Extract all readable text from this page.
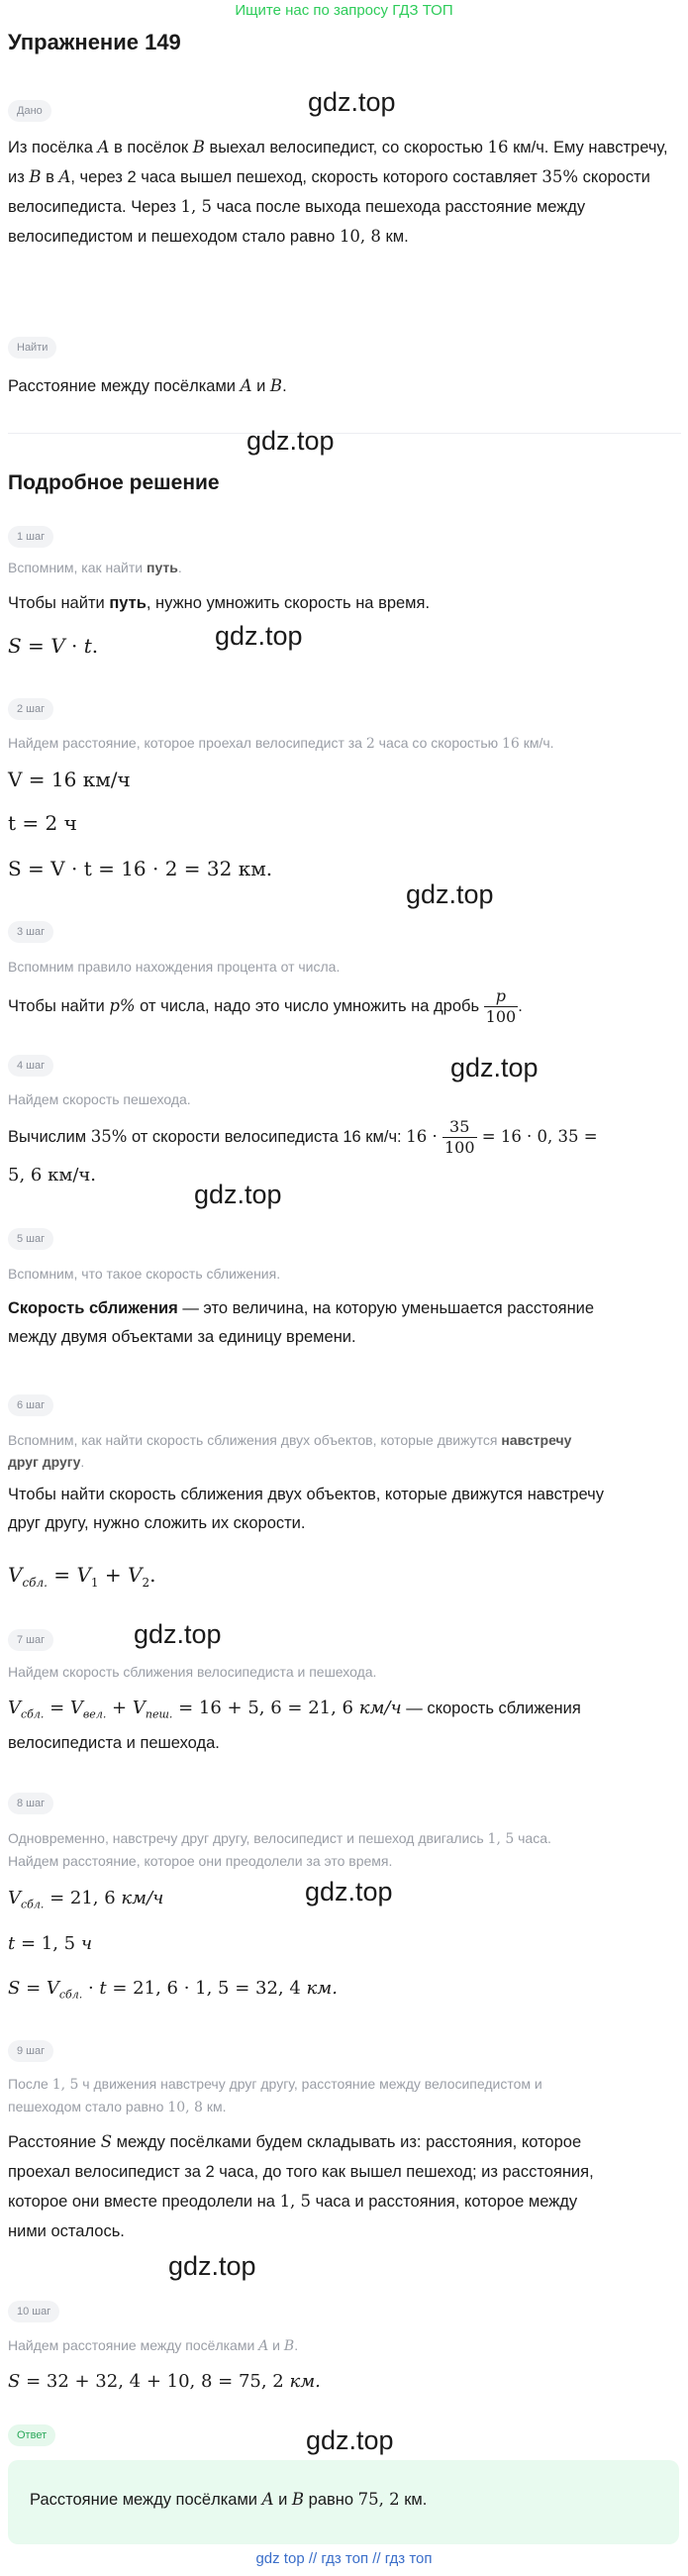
Ищите нас по запросу ГДЗ ТОП
Упражнение 149
Дано	gdz.top
Из посёлка A в посёлок B выехал велосипедист, со скоростью 16 км/ч. Ему навстречу, из B в A, через 2 часа вышел пешеход, скорость которого составляет 35% скорости велосипедиста. Через 1, 5 часа после выхода пешехода расстояние между велосипедистом и пешеходом стало равно 10, 8 км.
Найти
Расстояние между посёлками A и B.
gdz.top
Подробное решение
1 шаг
Вспомним, как найти путь.
gdz.top
Чтобы найти путь, нужно умножить скорость на время.
S = V · t.
2 шаг
Найдем расстояние, которое проехал велосипедист за 2 часа со скоростью 16 км/ч.
V = 16 км/ч
t = 2 ч
S = V · t = 16 · 2 = 32 км.
gdz.top
3 шаг
Вспомним правило нахождения процента от числа.
Чтобы найти p% от числа, надо это число умножить на дробь $\frac{p}{100}$ .
4 шаг	gdz.top
Найдем скорость пешехода.
Вычислим 35% от скорости велосипедиста 16 км/ч: $16 \cdot \frac{35}{100} = 16 \cdot 0$, 35 =
5, 6 км/ч.
gdz.top
5 шаг
Вспомним, что такое скорость сближения.
Скорость сближения — это величина, на которую уменьшается расстояние
между двумя объектами за единицу времени.
6 шаг
Вспомним, как найти скорость сближения двух объектов, которые движутся навстречу
друг другу.
Чтобы найти скорость сближения двух объектов, которые движутся навстречу
друг другу, нужно сложить их скорости.
$V_{сбл.} = V_1 + V_2$.
gdz.top
7 шаг
Найдем скорость сближения велосипедиста и пешехода.
$V_{сбл.} = V_{вел.} + V_{пеш.} = 16 + 5$, 6 = 21, 6 км/ч — скорость сближения
велосипедиста и пешехода.
8 шаг
Одновременно, навстречу друг другу, велосипедист и пешеход двигались 1, 5 часа.
Найдем расстояние, которое они преодолели за это время.
gdz.top
$V_{сбл.} = 21$, 6 км/ч
t = 1, 5 ч
$S = V_{сбл.} \cdot t = 21$, 6 · 1, 5 = 32, 4 км.
9 шаг
После 1, 5 ч движения навстречу друг другу, расстояние между велосипедистом и
пешеходом стало равно 10, 8 км.
Расстояние S между посёлками будем складывать из: расстояния, которое
проехал велосипедист за 2 часа, до того как вышел пешеход; из расстояния,
которое они вместе преодолели на 1, 5 часа и расстояния, которое между
ними осталось.
gdz.top
10 шаг
Найдем расстояние между посёлками A и B.
S = 32 + 32, 4 + 10, 8 = 75, 2 км.
Ответ	gdz.top
Расстояние между посёлками A и B равно 75, 2 км.
gdz top // гдз топ // гдз топ
